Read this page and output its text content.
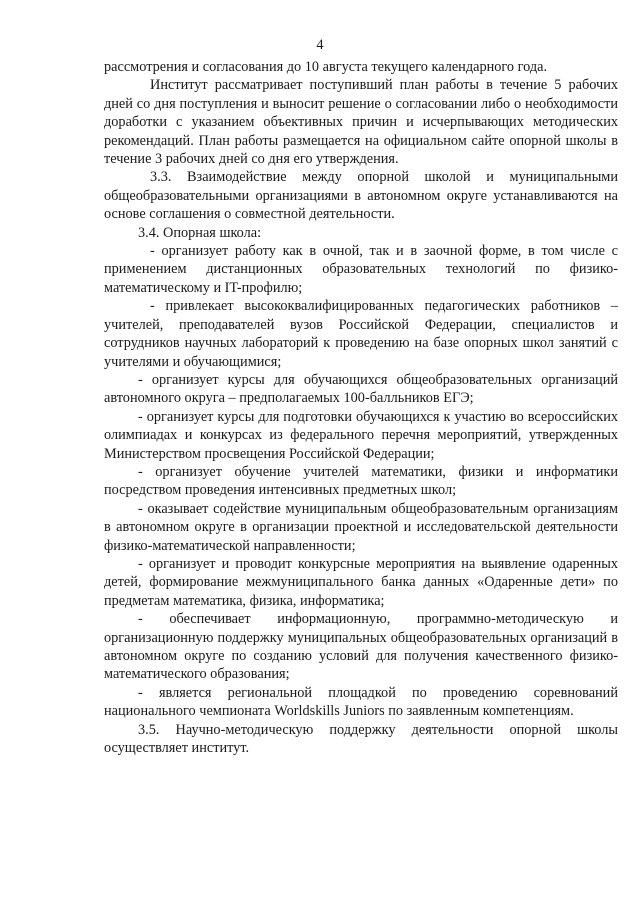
4

рассмотрения и согласования до 10 августа текущего календарного года.

Институт рассматривает поступивший план работы в течение 5 рабочих дней со дня поступления и выносит решение о согласовании либо о необходимости доработки с указанием объективных причин и исчерпывающих методических рекомендаций. План работы размещается на официальном сайте опорной школы в течение 3 рабочих дней со дня его утверждения.

3.3. Взаимодействие между опорной школой и муниципальными общеобразовательными организациями в автономном округе устанавливаются на основе соглашения о совместной деятельности.

3.4. Опорная школа:

- организует работу как в очной, так и в заочной форме, в том числе с применением дистанционных образовательных технологий по физико-математическому и IT-профилю;

- привлекает высококвалифицированных педагогических работников – учителей, преподавателей вузов Российской Федерации, специалистов и сотрудников научных лабораторий к проведению на базе опорных школ занятий с учителями и обучающимися;

- организует курсы для обучающихся общеобразовательных организаций автономного округа – предполагаемых 100-балльников ЕГЭ;

- организует курсы для подготовки обучающихся к участию во всероссийских олимпиадах и конкурсах из федерального перечня мероприятий, утвержденных Министерством просвещения Российской Федерации;

- организует обучение учителей математики, физики и информатики посредством проведения интенсивных предметных школ;

- оказывает содействие муниципальным общеобразовательным организациям в автономном округе в организации проектной и исследовательской деятельности физико-математической направленности;

- организует и проводит конкурсные мероприятия на выявление одаренных детей, формирование межмуниципального банка данных «Одаренные дети» по предметам математика, физика, информатика;

- обеспечивает информационную, программно-методическую и организационную поддержку муниципальных общеобразовательных организаций в автономном округе по созданию условий для получения качественного физико-математического образования;

- является региональной площадкой по проведению соревнований национального чемпионата Worldskills Juniors по заявленным компетенциям.

3.5. Научно-методическую поддержку деятельности опорной школы осуществляет институт.
